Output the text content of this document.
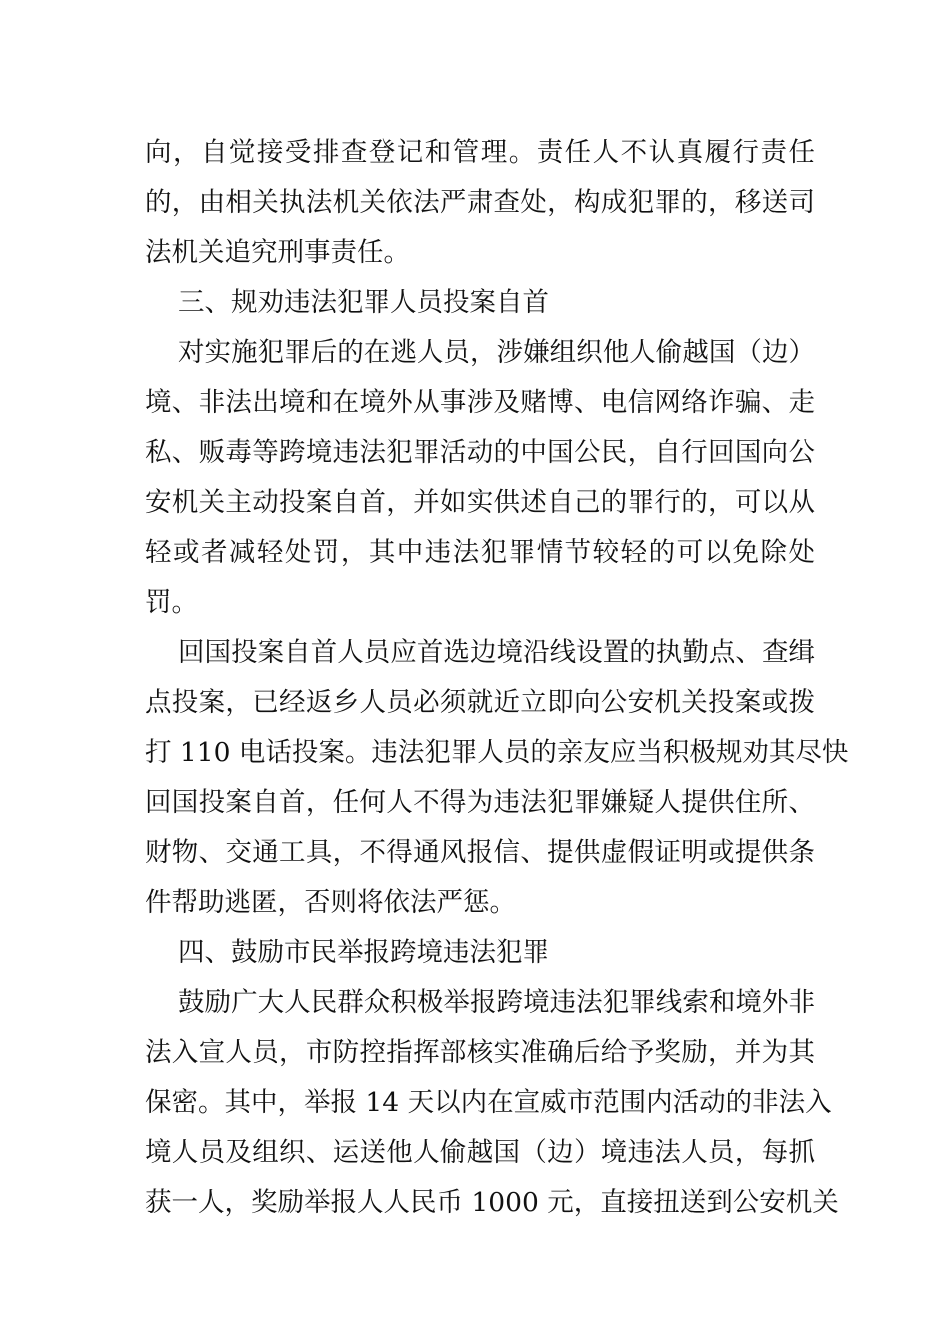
向，自觉接受排查登记和管理。责任人不认真履行责任
的，由相关执法机关依法严肃查处，构成犯罪的，移送司
法机关追究刑事责任。
三、规劝违法犯罪人员投案自首
对实施犯罪后的在逃人员，涉嫌组织他人偷越国（边）
境、非法出境和在境外从事涉及赌博、电信网络诈骗、走
私、贩毒等跨境违法犯罪活动的中国公民，自行回国向公
安机关主动投案自首，并如实供述自己的罪行的，可以从
轻或者减轻处罚，其中违法犯罪情节较轻的可以免除处
罚。
回国投案自首人员应首选边境沿线设置的执勤点、查缉
点投案，已经返乡人员必须就近立即向公安机关投案或拨
打 110 电话投案。违法犯罪人员的亲友应当积极规劝其尽快
回国投案自首，任何人不得为违法犯罪嫌疑人提供住所、
财物、交通工具，不得通风报信、提供虚假证明或提供条
件帮助逃匿，否则将依法严惩。
四、鼓励市民举报跨境违法犯罪
鼓励广大人民群众积极举报跨境违法犯罪线索和境外非
法入宣人员，市防控指挥部核实准确后给予奖励，并为其
保密。其中，举报 14 天以内在宣威市范围内活动的非法入
境人员及组织、运送他人偷越国（边）境违法人员，每抓
获一人，奖励举报人人民币 1000 元，直接扭送到公安机关
